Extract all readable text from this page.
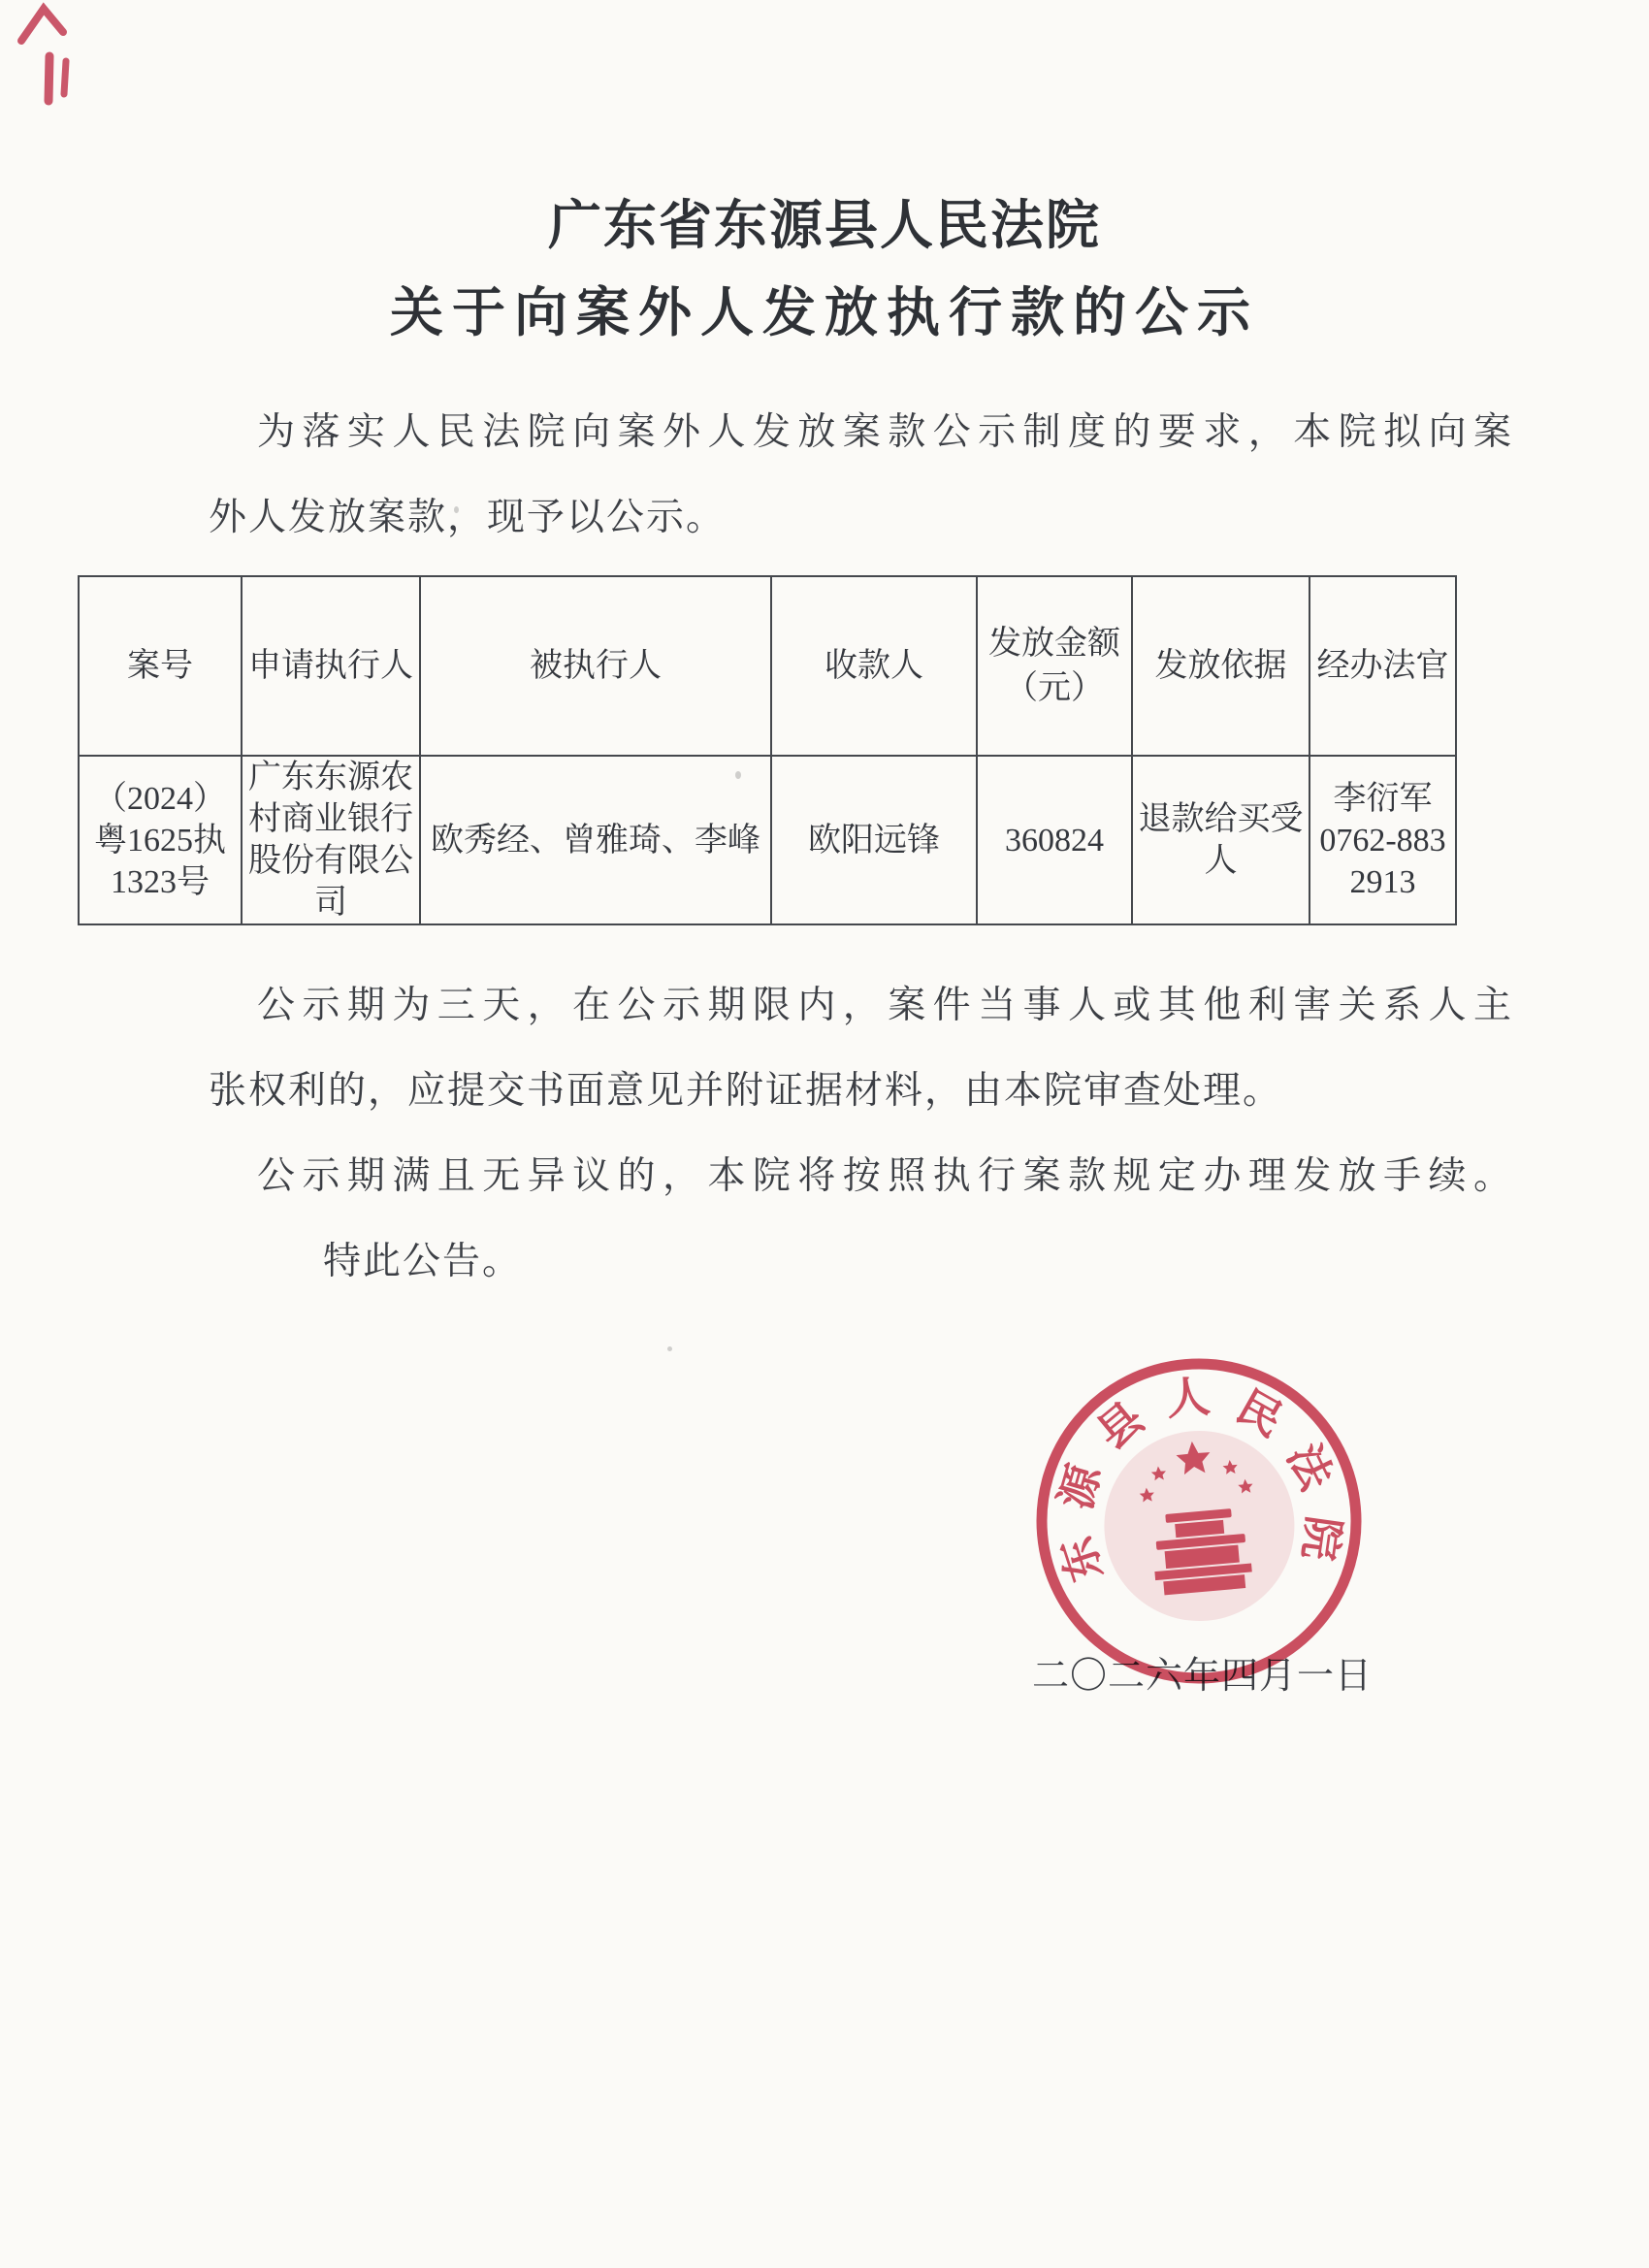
广东省东源县人民法院
关于向案外人发放执行款的公示
为落实人民法院向案外人发放案款公示制度的要求，本院拟向案
外人发放案款，现予以公示。
案号	申请执行人	被执行人	收款人	发放金额（元）	发放依据	经办法官
（2024）粤1625执1323号	广东东源农村商业银行股份有限公司	欧秀经、曾雅琦、李峰	欧阳远锋	360824	退款给买受人	李衍军
0762-8832913
公示期为三天，在公示期限内，案件当事人或其他利害关系人主
张权利的，应提交书面意见并附证据材料，由本院审查处理。
公示期满且无异议的，本院将按照执行案款规定办理发放手续。
特此公告。
二〇二六年四月一日
东
源
县 人 民
法
院
